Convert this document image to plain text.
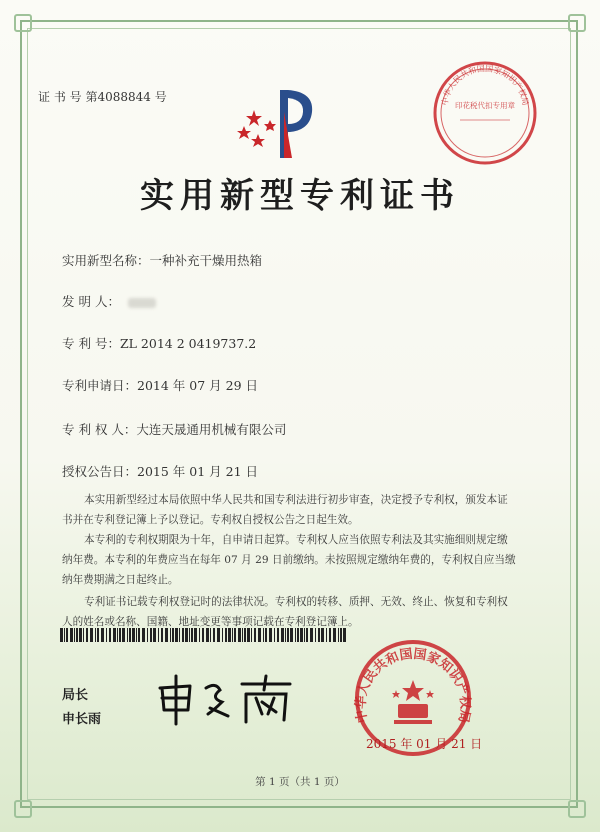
证 书 号 第4088844 号	中华人民共和国国家知识产权局
印花税代扣专用章
实用新型专利证书
实用新型名称：一种补充干燥用热箱
发 明 人：
专 利 号：ZL 2014 2 0419737.2
专利申请日：2014 年 07 月 29 日
专 利 权 人：大连天晟通用机械有限公司
授权公告日：2015 年 01 月 21 日
本实用新型经过本局依照中华人民共和国专利法进行初步审查，决定授予专利权，颁发本证书并在专利登记簿上予以登记。专利权自授权公告之日起生效。
本专利的专利权期限为十年，自申请日起算。专利权人应当依照专利法及其实施细则规定缴纳年费。本专利的年费应当在每年 07 月 29 日前缴纳。未按照规定缴纳年费的，专利权自应当缴纳年费期满之日起终止。
专利证书记载专利权登记时的法律状况。专利权的转移、质押、无效、终止、恢复和专利权人的姓名或名称、国籍、地址变更等事项记载在专利登记簿上。
局长
申长雨	中华人民共和国国家知识产权局
2015 年 01 月 21 日
第 1 页（共 1 页）
